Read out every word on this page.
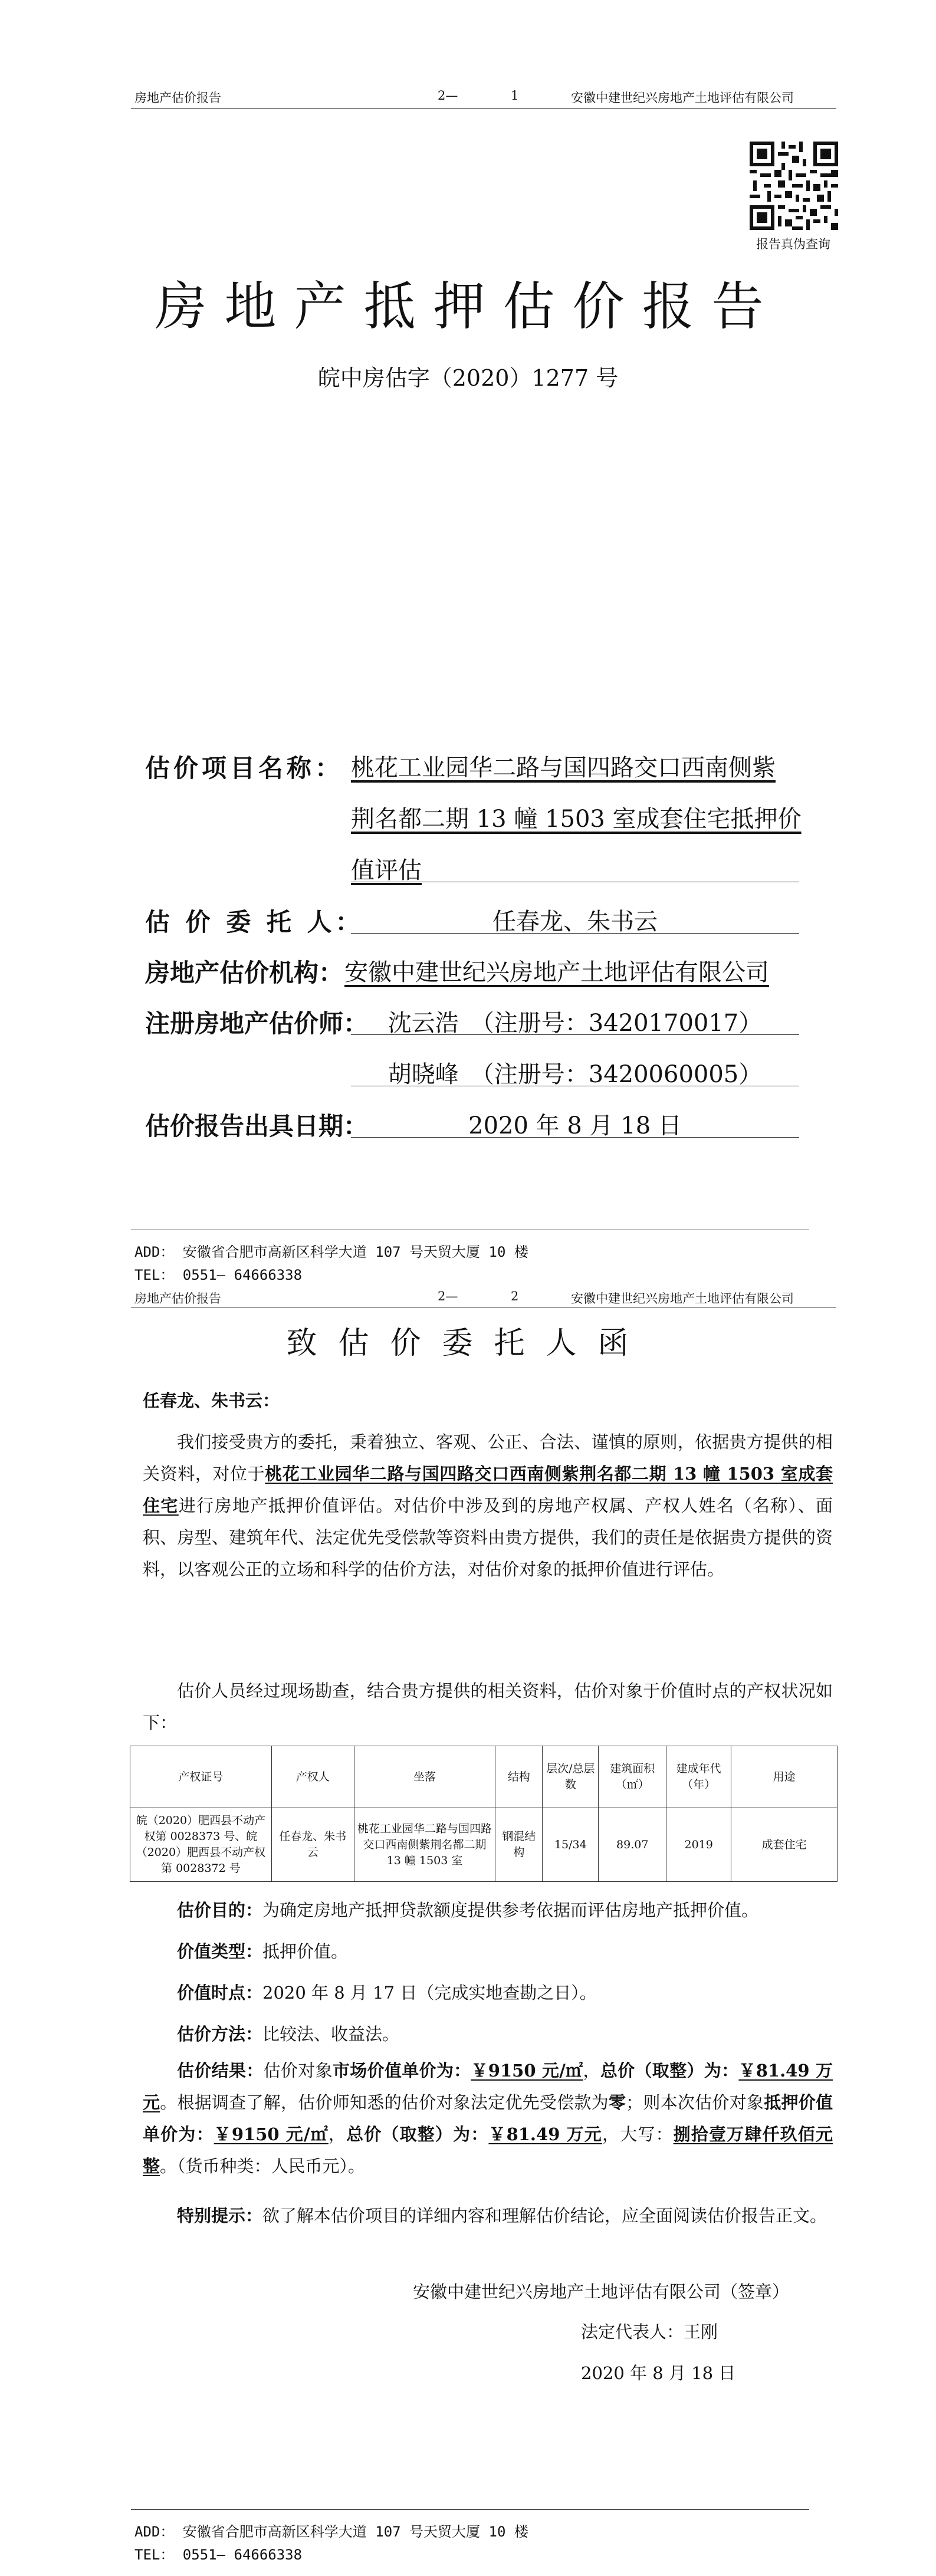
房地产估价报告	2—	1	安徽中建世纪兴房地产土地评估有限公司
报告真伪查询
房地产抵押估价报告
皖中房估字（2020）1277 号
估价项目名称： 桃花工业园华二路与国四路交口西南侧紫
荆名都二期 13 幢 1503 室成套住宅抵押价
值评估
估 价 委 托 人：	任春龙、朱书云
房地产估价机构： 安徽中建世纪兴房地产土地评估有限公司
注册房地产估价师： 沈云浩　（注册号：3420170017）
胡晓峰　（注册号：3420060005）
估价报告出具日期：	2020 年 8 月 18 日
ADD： 安徽省合肥市高新区科学大道 107 号天贸大厦 10 楼
TEL： 0551— 64666338
房地产估价报告	2—	2	安徽中建世纪兴房地产土地评估有限公司
致估价委托人函
任春龙、朱书云：
我们接受贵方的委托，秉着独立、客观、公正、合法、谨慎的原则，依据贵方提供的相关资料，对位于桃花工业园华二路与国四路交口西南侧紫荆名都二期 13 幢 1503 室成套住宅进行房地产抵押价值评估。对估价中涉及到的房地产权属、产权人姓名（名称）、面积、房型、建筑年代、法定优先受偿款等资料由贵方提供，我们的责任是依据贵方提供的资料，以客观公正的立场和科学的估价方法，对估价对象的抵押价值进行评估。
估价人员经过现场勘查，结合贵方提供的相关资料，估价对象于价值时点的产权状况如下：
产权证号	产权人	坐落	结构	层次/总层数	建筑面积（㎡）	建成年代（年）	用途
皖（2020）肥西县不动产权第 0028373 号、皖（2020）肥西县不动产权第 0028372 号	任春龙、朱书云	桃花工业园华二路与国四路交口西南侧紫荆名都二期 13 幢 1503 室	钢混结构	15/34	89.07	2019	成套住宅
估价目的：为确定房地产抵押贷款额度提供参考依据而评估房地产抵押价值。
价值类型：抵押价值。
价值时点：2020 年 8 月 17 日（完成实地查勘之日）。
估价方法：比较法、收益法。
估价结果：估价对象市场价值单价为：￥9150 元/㎡，总价（取整）为：￥81.49 万元。根据调查了解，估价师知悉的估价对象法定优先受偿款为零；则本次估价对象抵押价值单价为：￥9150 元/㎡，总价（取整）为：￥81.49 万元，大写：捌拾壹万肆仟玖佰元整。（货币种类：人民币元）。
特别提示：欲了解本估价项目的详细内容和理解估价结论，应全面阅读估价报告正文。
安徽中建世纪兴房地产土地评估有限公司（签章）
法定代表人：王刚
2020 年 8 月 18 日
ADD： 安徽省合肥市高新区科学大道 107 号天贸大厦 10 楼
TEL： 0551— 64666338
